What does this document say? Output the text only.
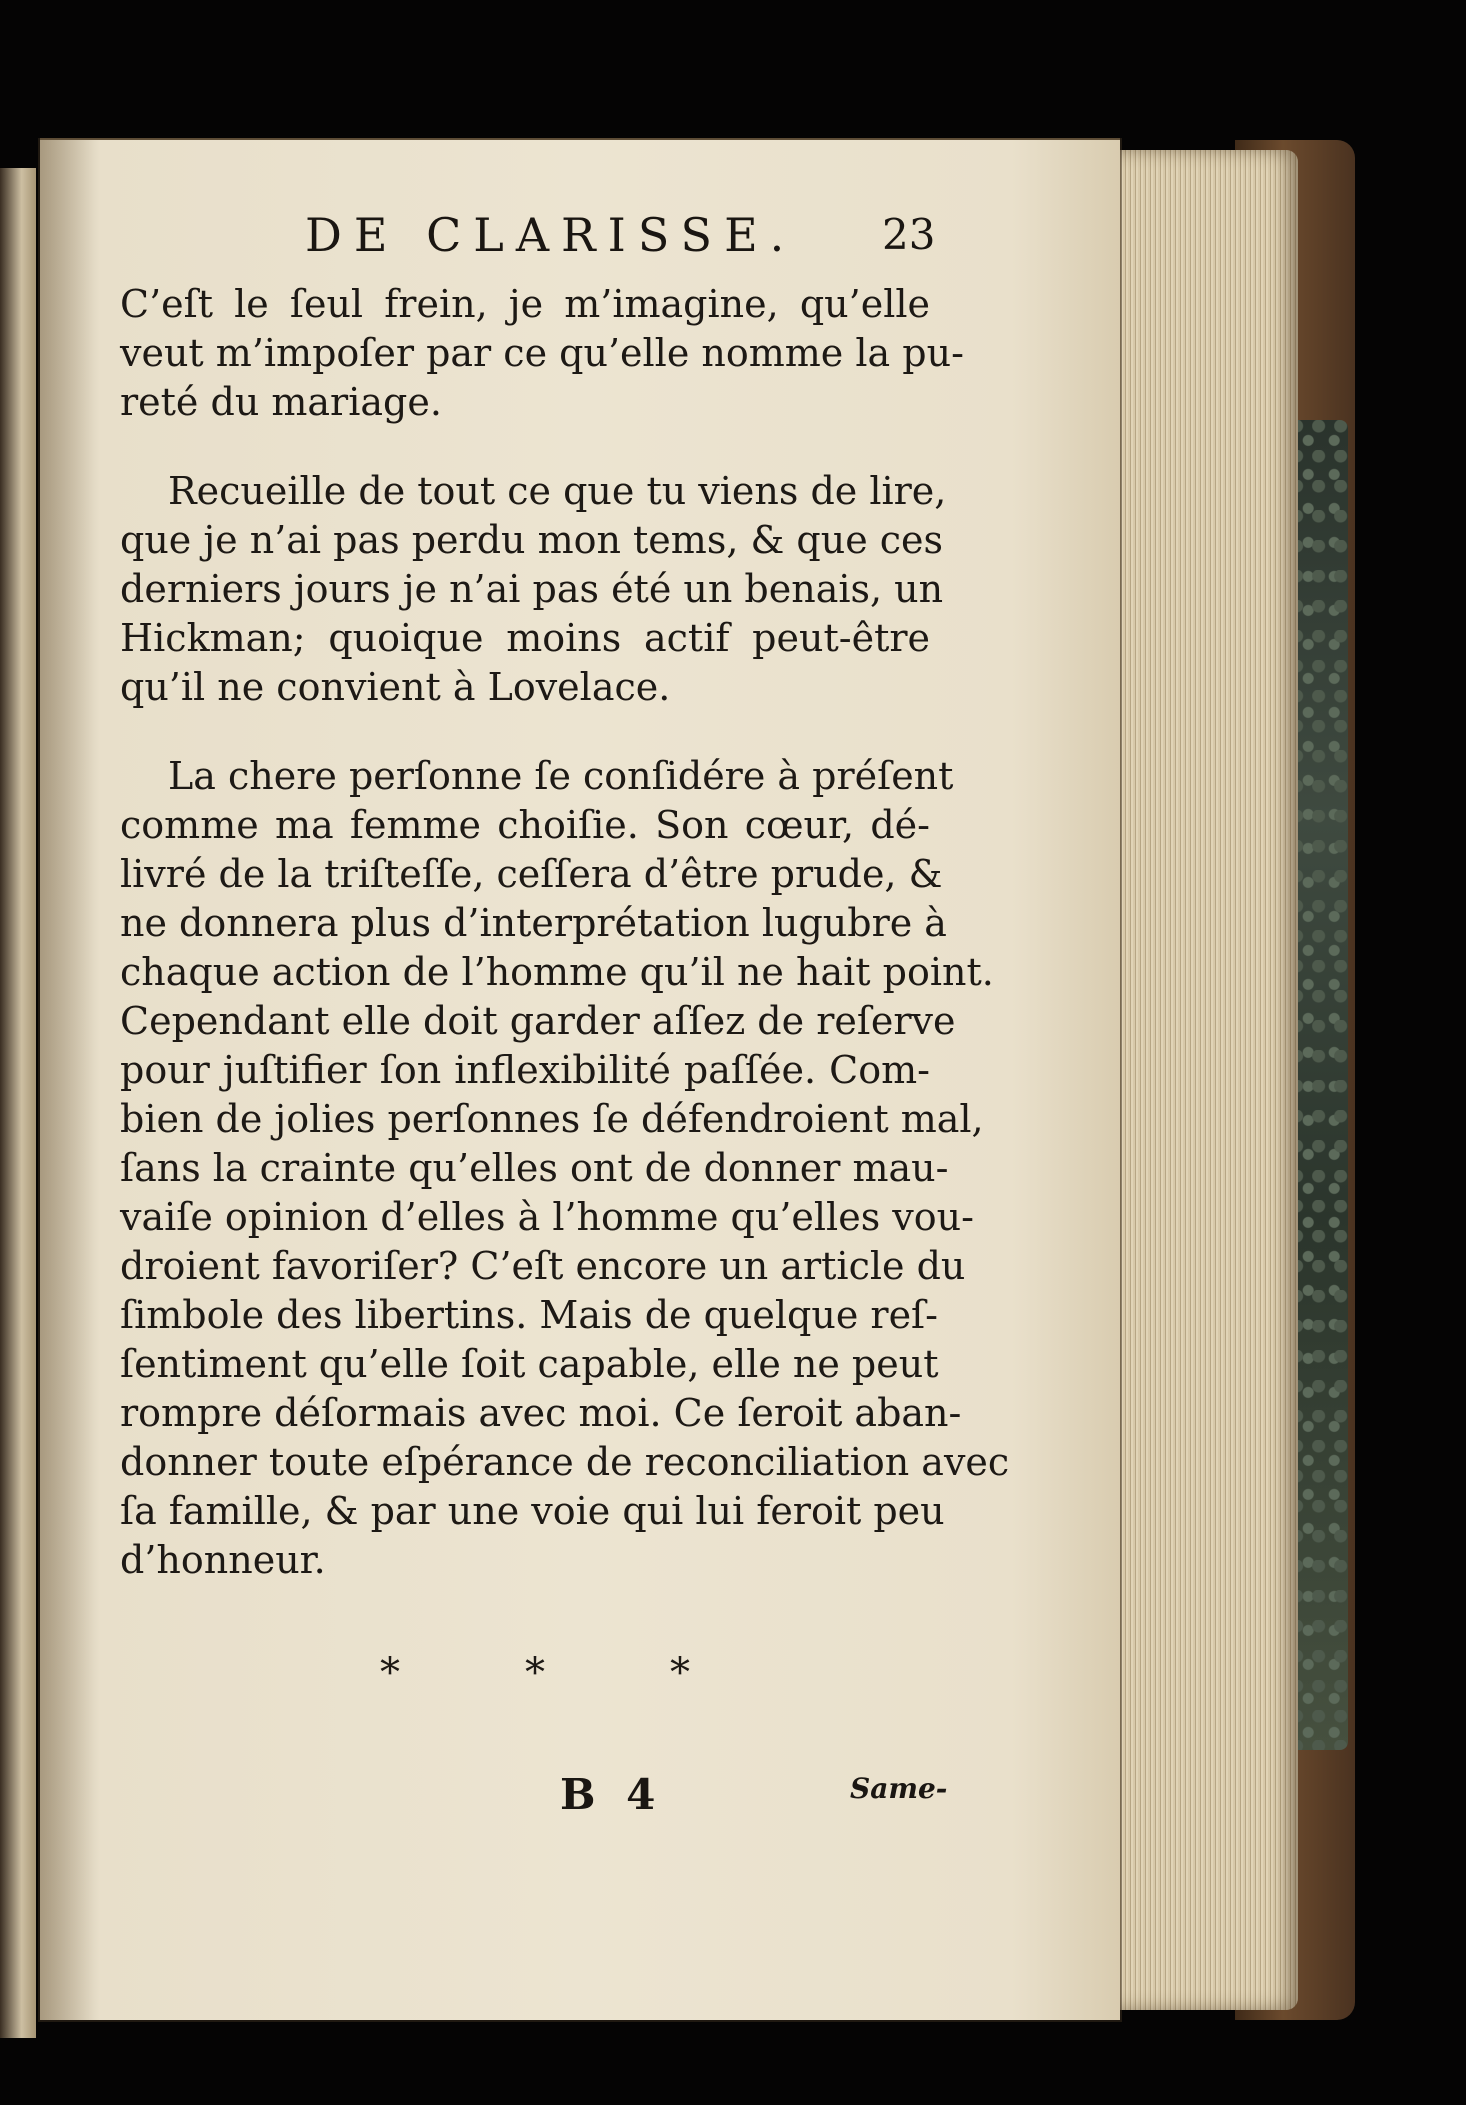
DE CLARISSE. 23

C’eſt le ſeul frein, je m’imagine, qu’elle
veut m’impoſer par ce qu’elle nomme la pu-
reté du mariage.

Recueille de tout ce que tu viens de lire,
que je n’ai pas perdu mon tems, & que ces
derniers jours je n’ai pas été un benais, un
Hickman; quoique moins actif peut-être
qu’il ne convient à Lovelace.

La chere perſonne ſe conſidére à préſent
comme ma femme choiſie. Son cœur, dé-
livré de la triſteſſe, ceſſera d’être prude, &
ne donnera plus d’interprétation lugubre à
chaque action de l’homme qu’il ne hait point.
Cependant elle doit garder aſſez de reſerve
pour juſtifier ſon inflexibilité paſſée. Com-
bien de jolies perſonnes ſe défendroient mal,
ſans la crainte qu’elles ont de donner mau-
vaiſe opinion d’elles à l’homme qu’elles vou-
droient favoriſer? C’eſt encore un article du
ſimbole des libertins. Mais de quelque reſ-
ſentiment qu’elle ſoit capable, elle ne peut
rompre déſormais avec moi. Ce ſeroit aban-
donner toute eſpérance de reconciliation avec
ſa famille, & par une voie qui lui feroit peu
d’honneur.

*	*	*
B 4	Same-
